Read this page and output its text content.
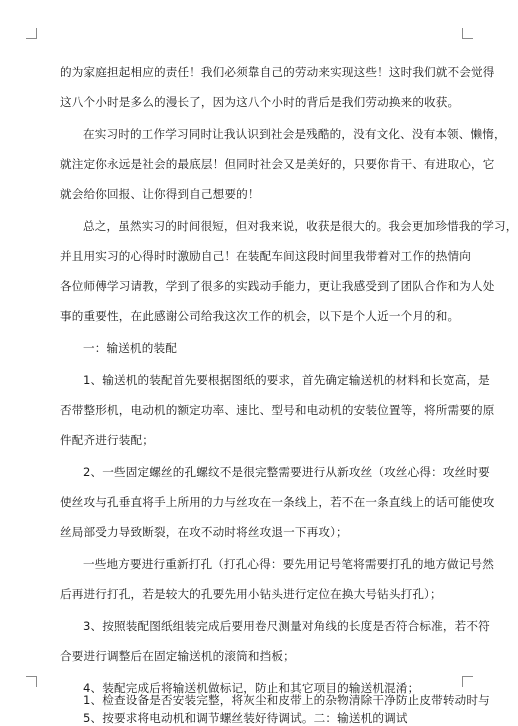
的为家庭担起相应的责任！我们必须靠自己的劳动来实现这些！这时我们就不会觉得
这八个小时是多么的漫长了，因为这八个小时的背后是我们劳动换来的收获。
在实习时的工作学习同时让我认识到社会是残酷的，没有文化、没有本领、懒惰，
就注定你永远是社会的最底层！但同时社会又是美好的，只要你肯干、有进取心，它
就会给你回报、让你得到自己想要的！
总之，虽然实习的时间很短，但对我来说，收获是很大的。我会更加珍惜我的学习，
并且用实习的心得时时激励自己！在装配车间这段时间里我带着对工作的热情向
各位师傅学习请教，学到了很多的实践动手能力，更让我感受到了团队合作和为人处
事的重要性，在此感谢公司给我这次工作的机会，以下是个人近一个月的和。
一：输送机的装配
1、输送机的装配首先要根据图纸的要求，首先确定输送机的材料和长宽高，是
否带整形机，电动机的额定功率、速比、型号和电动机的安装位置等，将所需要的原
件配齐进行装配；
2、一些固定螺丝的孔螺纹不是很完整需要进行从新攻丝（攻丝心得：攻丝时要
使丝攻与孔垂直将手上所用的力与丝攻在一条线上，若不在一条直线上的话可能使攻
丝局部受力导致断裂，在攻不动时将丝攻退一下再攻）；
一些地方要进行重新打孔（打孔心得：要先用记号笔将需要打孔的地方做记号然
后再进行打孔，若是较大的孔要先用小钻头进行定位在换大号钻头打孔）；
3、按照装配图纸组装完成后要用卷尺测量对角线的长度是否符合标准，若不符
合要进行调整后在固定输送机的滚筒和挡板；
4、装配完成后将输送机做标记，防止和其它项目的输送机混淆；
5、按要求将电动机和调节螺丝装好待调试。二：输送机的调试
1、检查设备是否安装完整，将灰尘和皮带上的杂物清除干净防止皮带转动时与
